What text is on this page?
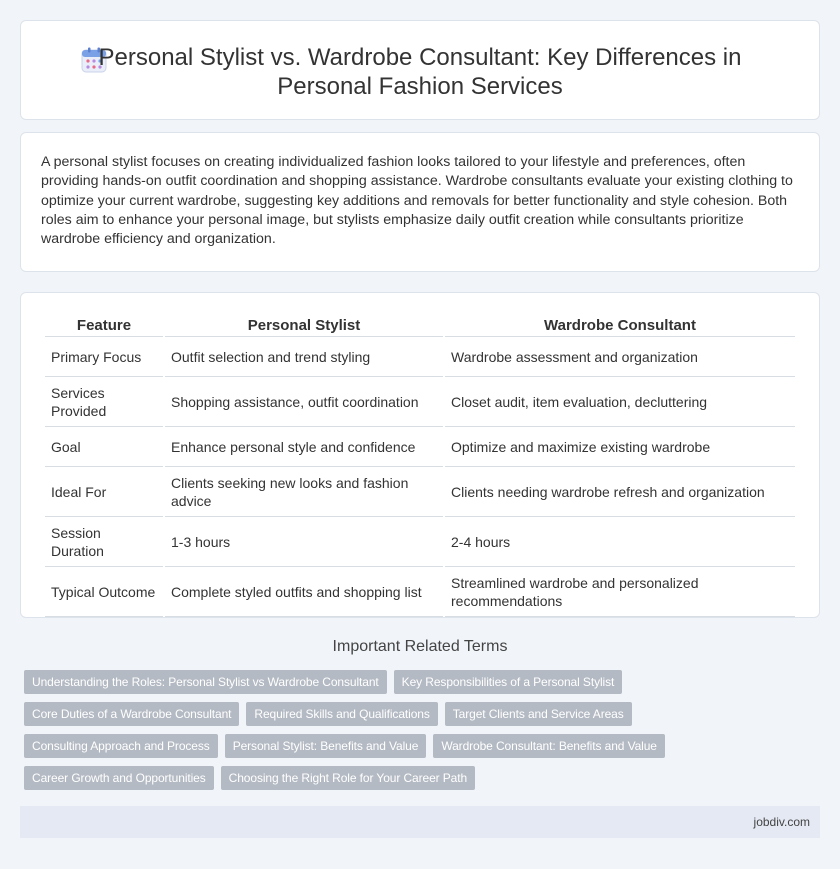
Personal Stylist vs. Wardrobe Consultant: Key Differences in Personal Fashion Services

A personal stylist focuses on creating individualized fashion looks tailored to your lifestyle and preferences, often providing hands-on outfit coordination and shopping assistance. Wardrobe consultants evaluate your existing clothing to optimize your current wardrobe, suggesting key additions and removals for better functionality and style cohesion. Both roles aim to enhance your personal image, but stylists emphasize daily outfit creation while consultants prioritize wardrobe efficiency and organization.

Feature	Personal Stylist	Wardrobe Consultant
Primary Focus	Outfit selection and trend styling	Wardrobe assessment and organization
Services Provided	Shopping assistance, outfit coordination	Closet audit, item evaluation, decluttering
Goal	Enhance personal style and confidence	Optimize and maximize existing wardrobe
Ideal For	Clients seeking new looks and fashion advice	Clients needing wardrobe refresh and organization
Session Duration	1-3 hours	2-4 hours
Typical Outcome	Complete styled outfits and shopping list	Streamlined wardrobe and personalized recommendations
Important Related Terms
Understanding the Roles: Personal Stylist vs Wardrobe Consultant	Key Responsibilities of a Personal Stylist
Core Duties of a Wardrobe Consultant	Required Skills and Qualifications	Target Clients and Service Areas
Consulting Approach and Process	Personal Stylist: Benefits and Value	Wardrobe Consultant: Benefits and Value
Career Growth and Opportunities	Choosing the Right Role for Your Career Path
jobdiv.com
